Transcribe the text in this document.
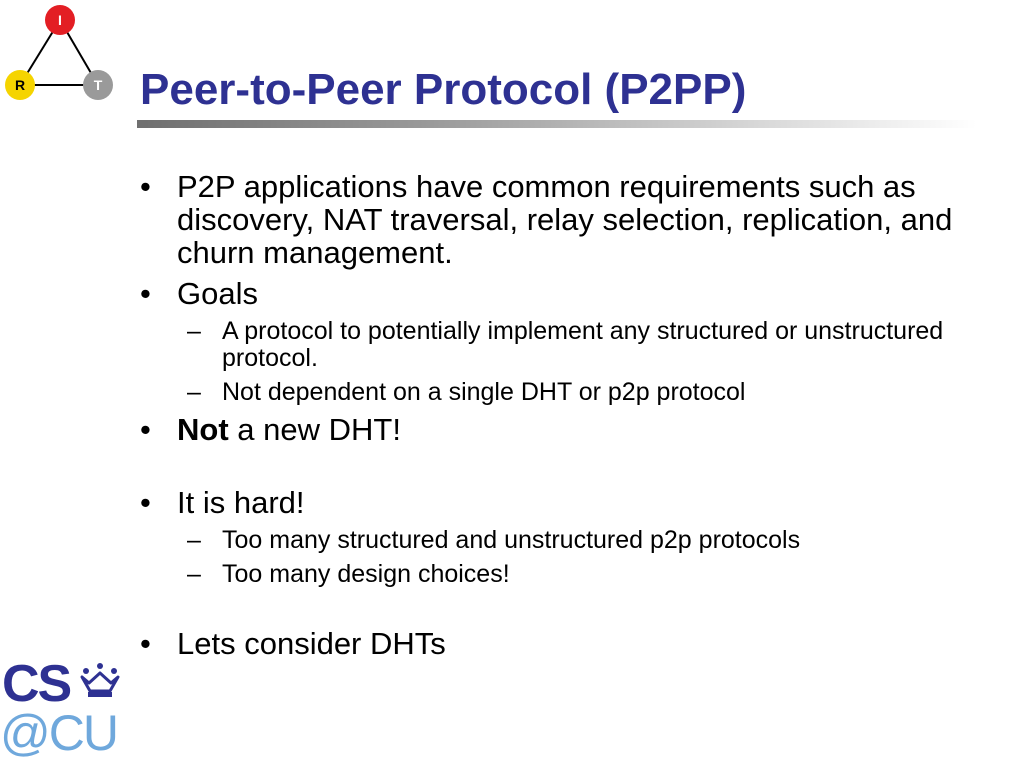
I
R	T Peer-to-Peer Protocol (P2PP)
• P2P applications have common requirements such as discovery, NAT traversal, relay selection, replication, and churn management.
• Goals
– A protocol to potentially implement any structured or unstructured protocol.
– Not dependent on a single DHT or p2p protocol
• Not a new DHT!
• It is hard!
– Too many structured and unstructured p2p protocols
– Too many design choices!
• Lets consider DHTs
CS
@CU
